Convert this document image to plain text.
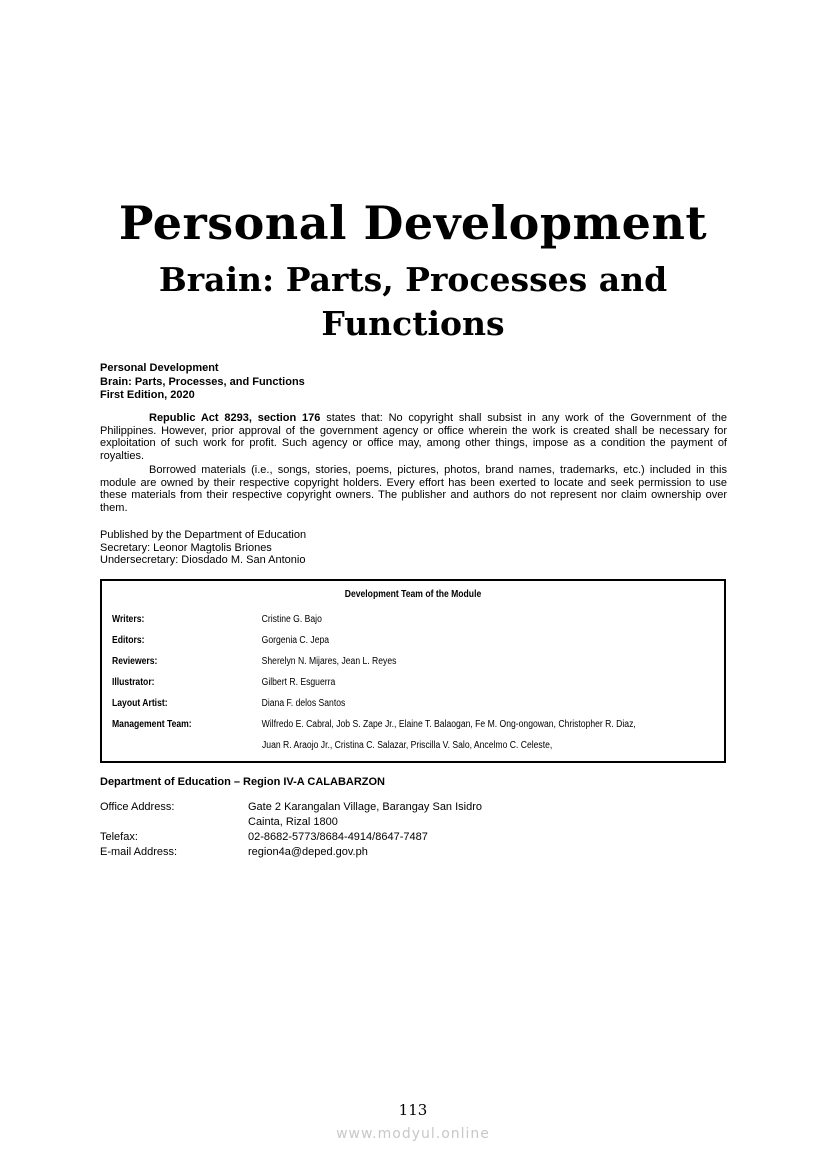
Personal Development
Brain: Parts, Processes and
Functions
Personal Development
Brain: Parts, Processes, and Functions
First Edition, 2020

Republic Act 8293, section 176 states that: No copyright shall subsist in any work of the Government of the Philippines. However, prior approval of the government agency or office wherein the work is created shall be necessary for exploitation of such work for profit. Such agency or office may, among other things, impose as a condition the payment of royalties.

Borrowed materials (i.e., songs, stories, poems, pictures, photos, brand names, trademarks, etc.) included in this module are owned by their respective copyright holders. Every effort has been exerted to locate and seek permission to use these materials from their respective copyright owners. The publisher and authors do not represent nor claim ownership over them.

Published by the Department of Education
Secretary: Leonor Magtolis Briones
Undersecretary: Diosdado M. San Antonio
Development Team of the Module
Writers:	Cristine G. Bajo
Editors:	Gorgenia C. Jepa
Reviewers:	Sherelyn N. Mijares, Jean L. Reyes
Illustrator:	Gilbert R. Esguerra
Layout Artist:	Diana F. delos Santos
Management Team:	Wilfredo E. Cabral, Job S. Zape Jr., Elaine T. Balaogan, Fe M. Ong-ongowan, Christopher R. Diaz,
Juan R. Araojo Jr., Cristina C. Salazar, Priscilla V. Salo, Ancelmo C. Celeste,
Department of Education – Region IV-A CALABARZON
Office Address:	Gate 2 Karangalan Village, Barangay San Isidro
Cainta, Rizal 1800
Telefax:	02-8682-5773/8684-4914/8647-7487
E-mail Address:	region4a@deped.gov.ph
113
www.modyul.online
